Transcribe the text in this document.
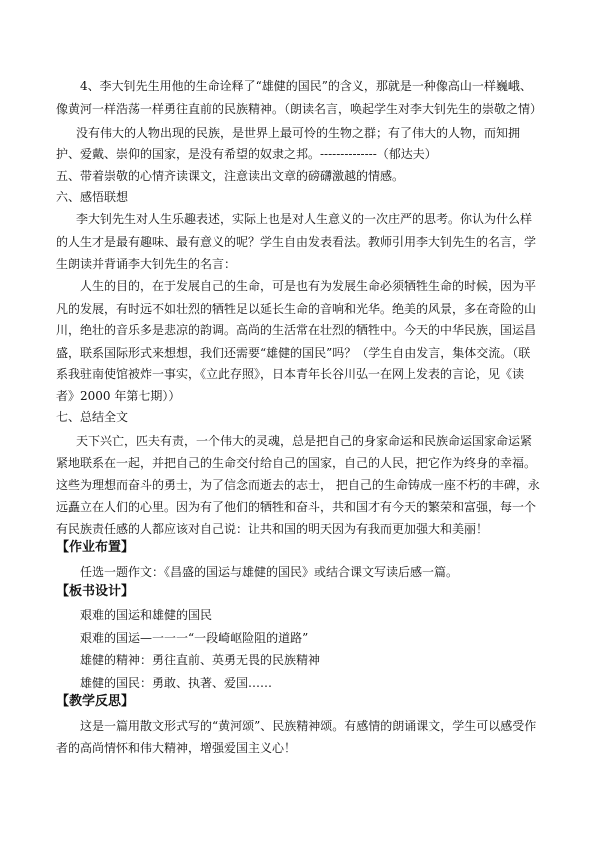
4、李大钊先生用他的生命诠释了“雄健的国民”的含义，那就是一种像高山一样巍峨、
像黄河一样浩荡一样勇往直前的民族精神。（朗读名言，唤起学生对李大钊先生的崇敬之情）
没有伟大的人物出现的民族，是世界上最可怜的生物之群；有了伟大的人物，而知拥
护、爱戴、崇仰的国家，是没有希望的奴隶之邦。--------------（郁达夫）
五、带着崇敬的心情齐读课文，注意读出文章的磅礴激越的情感。
六、感悟联想
李大钊先生对人生乐趣表述，实际上也是对人生意义的一次庄严的思考。你认为什么样
的人生才是最有趣味、最有意义的呢？学生自由发表看法。教师引用李大钊先生的名言，学
生朗读并背诵李大钊先生的名言：
人生的目的，在于发展自己的生命，可是也有为发展生命必须牺牲生命的时候，因为平
凡的发展，有时远不如壮烈的牺牲足以延长生命的音响和光华。绝美的风景，多在奇险的山
川，绝壮的音乐多是悲凉的韵调。高尚的生活常在壮烈的牺牲中。今天的中华民族，国运昌
盛，联系国际形式来想想，我们还需要“雄健的国民”吗？（学生自由发言，集体交流。（联
系我驻南使馆被炸一事实，《立此存照》，日本青年长谷川弘一在网上发表的言论，见《读
者》2000 年第七期））
七、总结全文
天下兴亡，匹夫有责，一个伟大的灵魂，总是把自己的身家命运和民族命运国家命运紧
紧地联系在一起，并把自己的生命交付给自己的国家，自己的人民，把它作为终身的幸福。
这些为理想而奋斗的勇士，为了信念而逝去的志士， 把自己的生命铸成一座不朽的丰碑，永
远矗立在人们的心里。因为有了他们的牺牲和奋斗，共和国才有今天的繁荣和富强，每一个
有民族责任感的人都应该对自己说：让共和国的明天因为有我而更加强大和美丽！
【作业布置】
任选一题作文：《昌盛的国运与雄健的国民》或结合课文写读后感一篇。
【板书设计】
艰难的国运和雄健的国民
艰难的国运—一一一“一段崎岖险阻的道路”
雄健的精神：勇往直前、英勇无畏的民族精神
雄健的国民：勇敢、执著、爱国……
【教学反思】
这是一篇用散文形式写的“黄河颂”、民族精神颂。有感情的朗诵课文，学生可以感受作
者的高尚情怀和伟大精神，增强爱国主义心！
